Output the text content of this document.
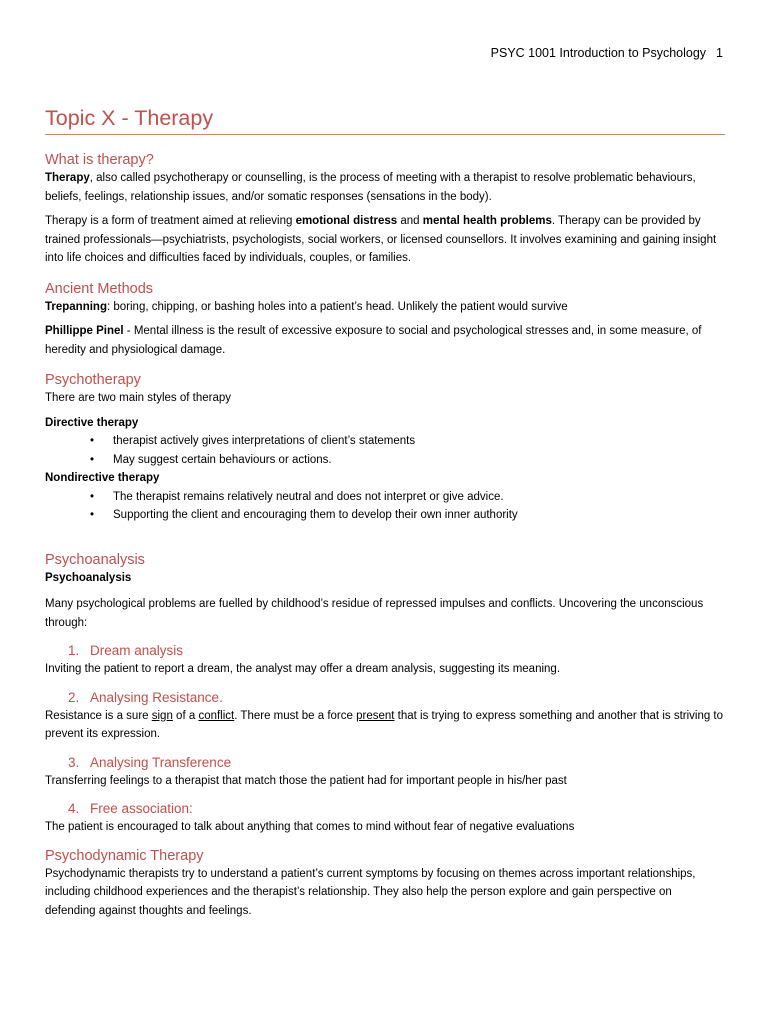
PSYC 1001 Introduction to Psychology 1
Topic X - Therapy
What is therapy?

Therapy, also called psychotherapy or counselling, is the process of meeting with a therapist to resolve problematic behaviours, beliefs, feelings, relationship issues, and/or somatic responses (sensations in the body).

Therapy is a form of treatment aimed at relieving emotional distress and mental health problems. Therapy can be provided by trained professionals—psychiatrists, psychologists, social workers, or licensed counsellors. It involves examining and gaining insight into life choices and difficulties faced by individuals, couples, or families.

Ancient Methods

Trepanning: boring, chipping, or bashing holes into a patient’s head. Unlikely the patient would survive

Phillippe Pinel - Mental illness is the result of excessive exposure to social and psychological stresses and, in some measure, of heredity and physiological damage.

Psychotherapy

There are two main styles of therapy

Directive therapy

• therapist actively gives interpretations of client’s statements
• May suggest certain behaviours or actions.

Nondirective therapy

• The therapist remains relatively neutral and does not interpret or give advice.
• Supporting the client and encouraging them to develop their own inner authority
Psychoanalysis

Psychoanalysis

Many psychological problems are fuelled by childhood’s residue of repressed impulses and conflicts. Uncovering the unconscious through:

1. Dream analysis

Inviting the patient to report a dream, the analyst may offer a dream analysis, suggesting its meaning.

2. Analysing Resistance.

Resistance is a sure sign of a conflict. There must be a force present that is trying to express something and another that is striving to prevent its expression.

3. Analysing Transference

Transferring feelings to a therapist that match those the patient had for important people in his/her past

4. Free association:

The patient is encouraged to talk about anything that comes to mind without fear of negative evaluations

Psychodynamic Therapy

Psychodynamic therapists try to understand a patient’s current symptoms by focusing on themes across important relationships, including childhood experiences and the therapist’s relationship. They also help the person explore and gain perspective on defending against thoughts and feelings.
